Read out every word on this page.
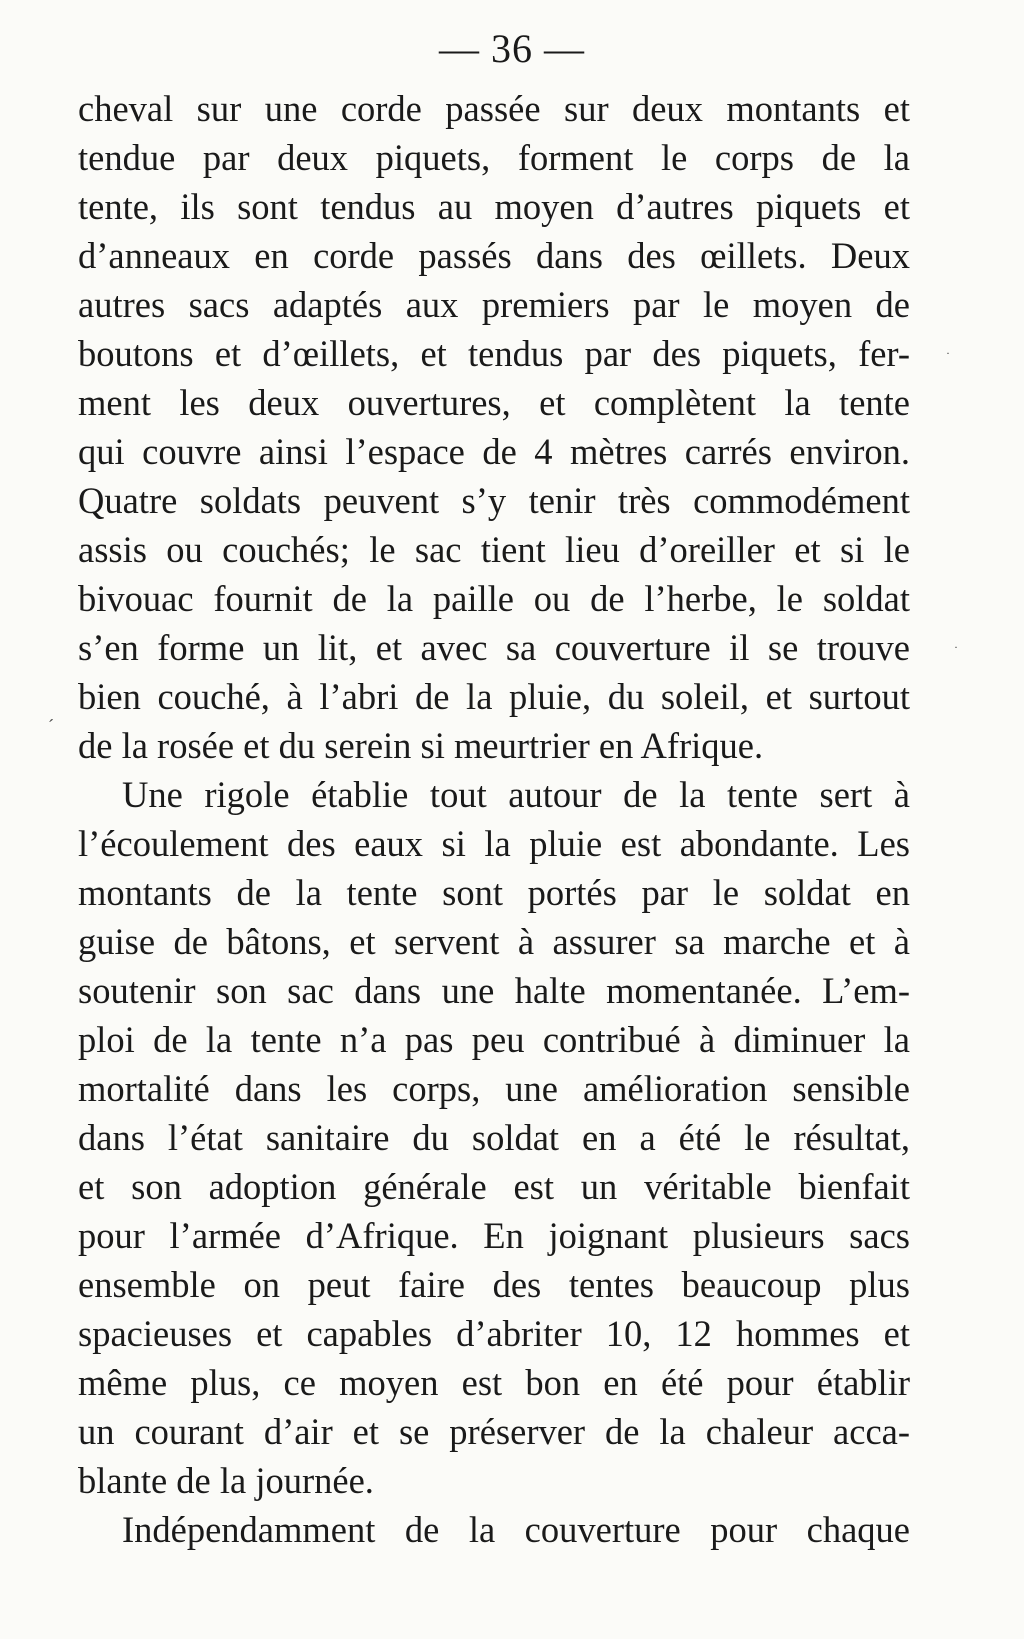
— 36 —
cheval sur une corde passée sur deux montants et
tendue par deux piquets, forment le corps de la
tente, ils sont tendus au moyen d’autres piquets et
d’anneaux en corde passés dans des œillets. Deux
autres sacs adaptés aux premiers par le moyen de
boutons et d’œillets, et tendus par des piquets, fer-
ment les deux ouvertures, et complètent la tente
qui couvre ainsi l’espace de 4 mètres carrés environ.
Quatre soldats peuvent s’y tenir très commodément
assis ou couchés; le sac tient lieu d’oreiller et si le
bivouac fournit de la paille ou de l’herbe, le soldat
s’en forme un lit, et avec sa couverture il se trouve
bien couché, à l’abri de la pluie, du soleil, et surtout
de la rosée et du serein si meurtrier en Afrique.
Une rigole établie tout autour de la tente sert à
l’écoulement des eaux si la pluie est abondante. Les
montants de la tente sont portés par le soldat en
guise de bâtons, et servent à assurer sa marche et à
soutenir son sac dans une halte momentanée. L’em-
ploi de la tente n’a pas peu contribué à diminuer la
mortalité dans les corps, une amélioration sensible
dans l’état sanitaire du soldat en a été le résultat,
et son adoption générale est un véritable bienfait
pour l’armée d’Afrique. En joignant plusieurs sacs
ensemble on peut faire des tentes beaucoup plus
spacieuses et capables d’abriter 10, 12 hommes et
même plus, ce moyen est bon en été pour établir
un courant d’air et se préserver de la chaleur acca-
blante de la journée.
Indépendamment de la couverture pour chaque
ˊ
·
·
